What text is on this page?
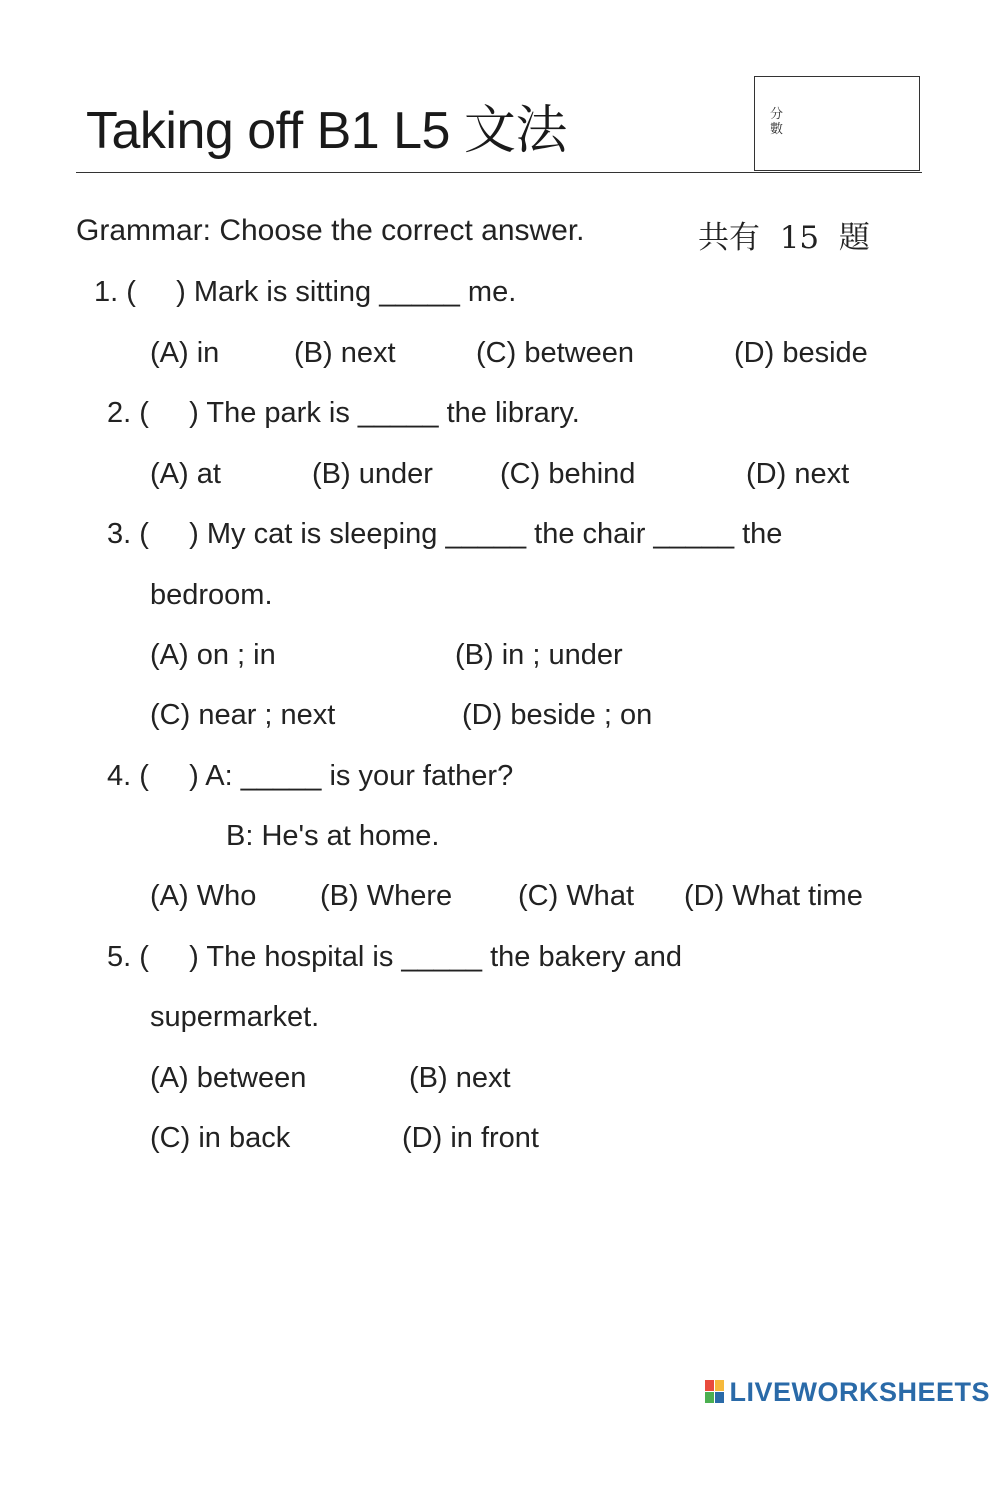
Taking off B1 L5 文法	分數
Grammar: Choose the correct answer.	共有  15  題
1. (     ) Mark is sitting _____ me.
(A) in	(B) next	(C) between	(D) beside
2. (     ) The park is _____ the library.
(A) at	(B) under (C) behind	(D) next
3. (     ) My cat is sleeping _____ the chair _____ the
bedroom.
(A) on ; in	(B) in ; under
(C) near ; next	(D) beside ; on
4. (     ) A: _____ is your father?
B: He's at home.
(A) Who (B) Where (C) What (D) What time
5. (     ) The hospital is _____ the bakery and
supermarket.
(A) between	(B) next
(C) in back	(D) in front

LIVEWORKSHEETS
